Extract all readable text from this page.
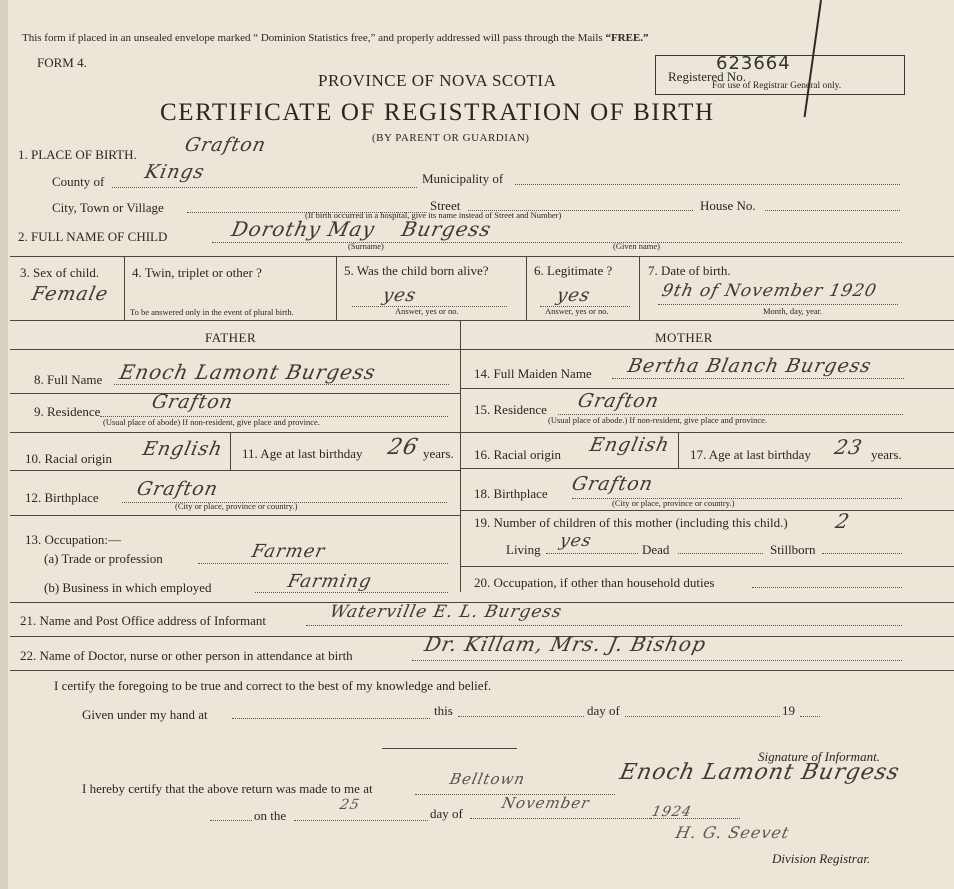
This form if placed in an unsealed envelope marked “ Dominion Statistics free,” and properly addressed will pass through the Mails “FREE.”
FORM 4.
PROVINCE OF NOVA SCOTIA
CERTIFICATE OF REGISTRATION OF BIRTH
(BY PARENT OR GUARDIAN)
Registered No.
623664
For use of Registrar General only.
1. PLACE OF BIRTH. Grafton
County of Kings	Municipality of
City, Town or Village	Street	House No.
(If birth occurred in a hospital, give its name instead of Street and Number)
2. FULL NAME OF CHILD	Dorothy May Burgess
(Surname)	(Given name)
3. Sex of child.
Female
4. Twin, triplet or other ?
To be answered only in the event of plural birth.
5. Was the child born alive?
yes
Answer, yes or no.
6. Legitimate ?
yes
Answer, yes or no.
7. Date of birth.
9th of November 1920
Month, day, year.
FATHER	MOTHER
8. Full Name Enoch Lamont Burgess
9. Residence	Grafton
(Usual place of abode) If non-resident, give place and province.
10. Racial origin English 11. Age at last birthday 26 years.
12. Birthplace Grafton
(City or place, province or country.)
13. Occupation:—
(a) Trade or profession	Farmer
(b) Business in which employed	Farming
14. Full Maiden Name Bertha Blanch Burgess
15. Residence Grafton
(Usual place of abode.) If non-resident, give place and province.
16. Racial origin English 17. Age at last birthday 23 years.
18. Birthplace Grafton
(City or place, province or country.)
19. Number of children of this mother (including this child.) 2
Living yes	Dead	Stillborn
20. Occupation, if other than household duties
21. Name and Post Office address of Informant	Waterville E. L. Burgess
22. Name of Doctor, nurse or other person in attendance at birth	Dr. Killam, Mrs. J. Bishop
I certify the foregoing to be true and correct to the best of my knowledge and belief.
Given under my hand at	this	day of	19
Enoch Lamont Burgess
Signature of Informant.
I hereby certify that the above return was made to me at
Belltown
on the
25
day of
November	1924
H. G. Seevet
Division Registrar.
